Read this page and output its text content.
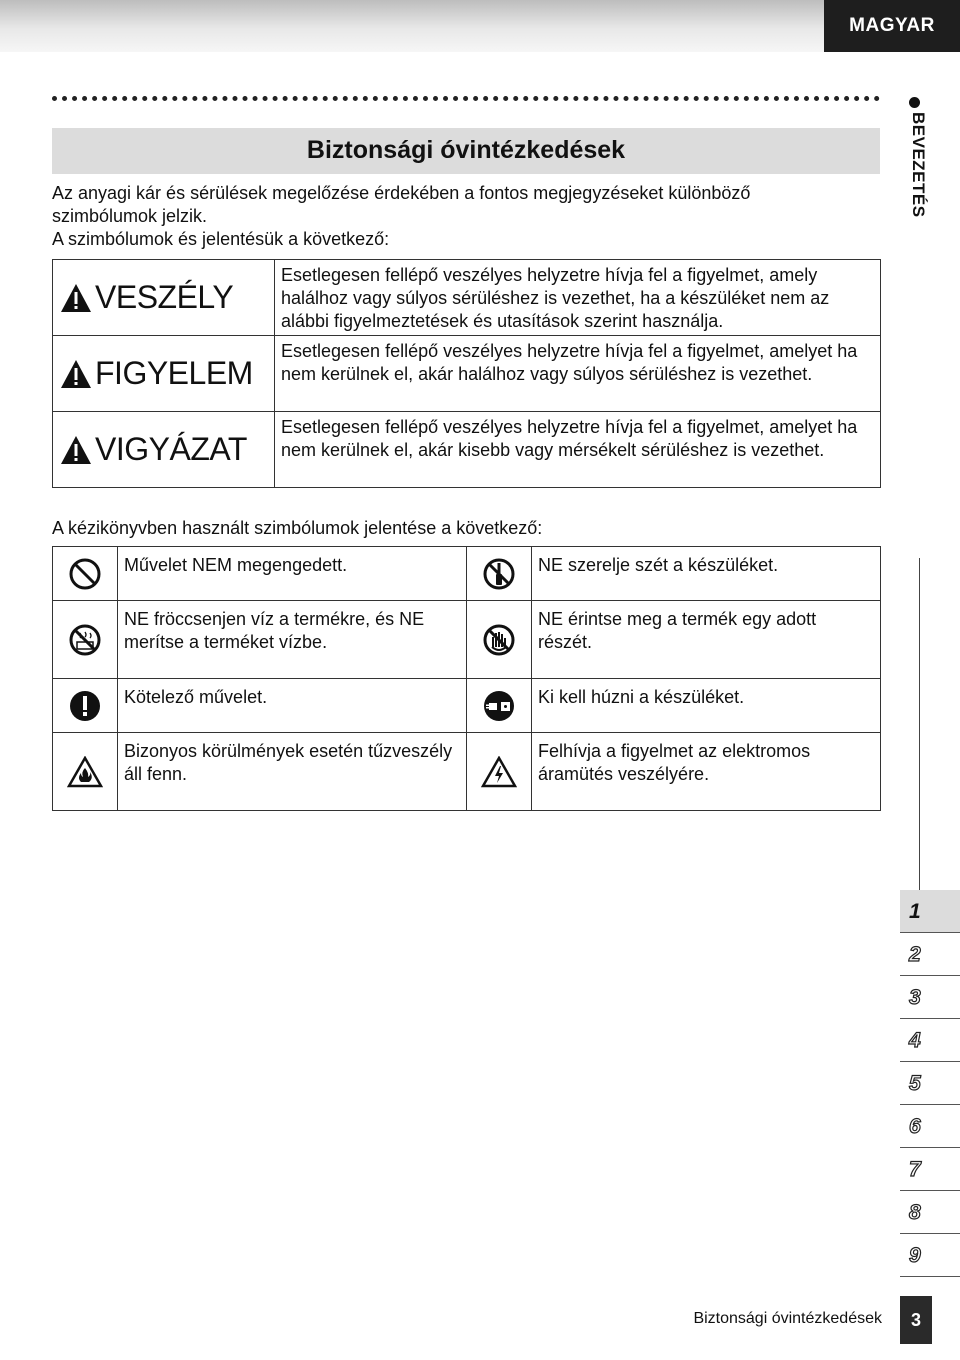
MAGYAR
BEVEZETÉS
Biztonsági óvintézkedések

Az anyagi kár és sérülések megelőzése érdekében a fontos megjegyzéseket különböző

szimbólumok jelzik.

A szimbólumok és jelentésük a következő:

VESZÉLY	Esetlegesen fellépő veszélyes helyzetre hívja fel a figyelmet, amely halálhoz vagy súlyos sérüléshez is vezethet, ha a készüléket nem az alábbi figyelmeztetések és utasítások szerint használja.

FIGYELEM	Esetlegesen fellépő veszélyes helyzetre hívja fel a figyelmet, amelyet ha nem kerülnek el, akár halálhoz vagy súlyos sérüléshez is vezethet.

VIGYÁZAT	Esetlegesen fellépő veszélyes helyzetre hívja fel a figyelmet, amelyet ha nem kerülnek el, akár kisebb vagy mérsékelt sérüléshez is vezethet.
A kézikönyvben használt szimbólumok jelentése a következő:
	Művelet NEM megengedett.		NE szerelje szét a készüléket.

	NE fröccsenjen víz a termékre, és NE merítse a terméket vízbe.		NE érintse meg a termék egy adott részét.

	Kötelező művelet.		Ki kell húzni a készüléket.

	Bizonyos körülmények esetén tűzveszély áll fenn.		Felhívja a figyelmet az elektromos áramütés veszélyére.
1
2
3
4
5
6
7
8
9
Biztonsági óvintézkedések	3
